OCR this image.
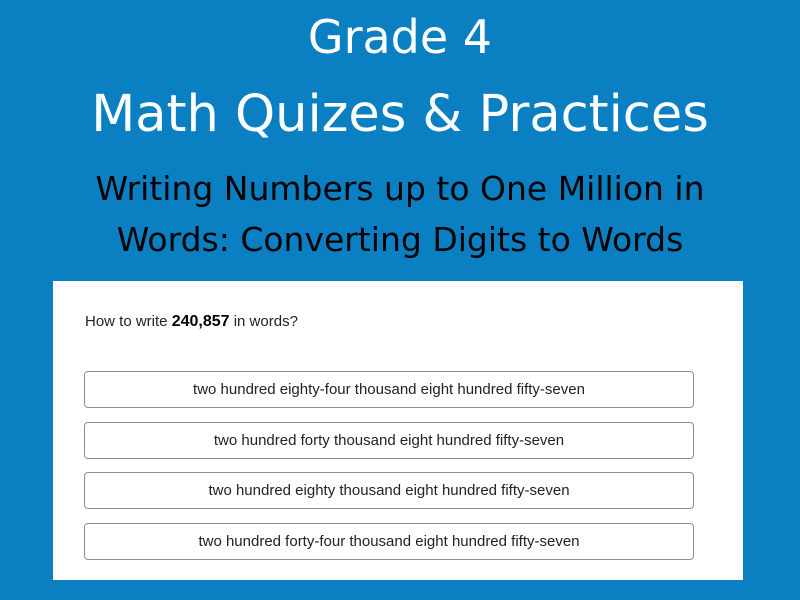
Grade 4
Math Quizes & Practices
Writing Numbers up to One Million in
Words: Converting Digits to Words
How to write 240,857 in words?
two hundred eighty-four thousand eight hundred fifty-seven
two hundred forty thousand eight hundred fifty-seven
two hundred eighty thousand eight hundred fifty-seven
two hundred forty-four thousand eight hundred fifty-seven
